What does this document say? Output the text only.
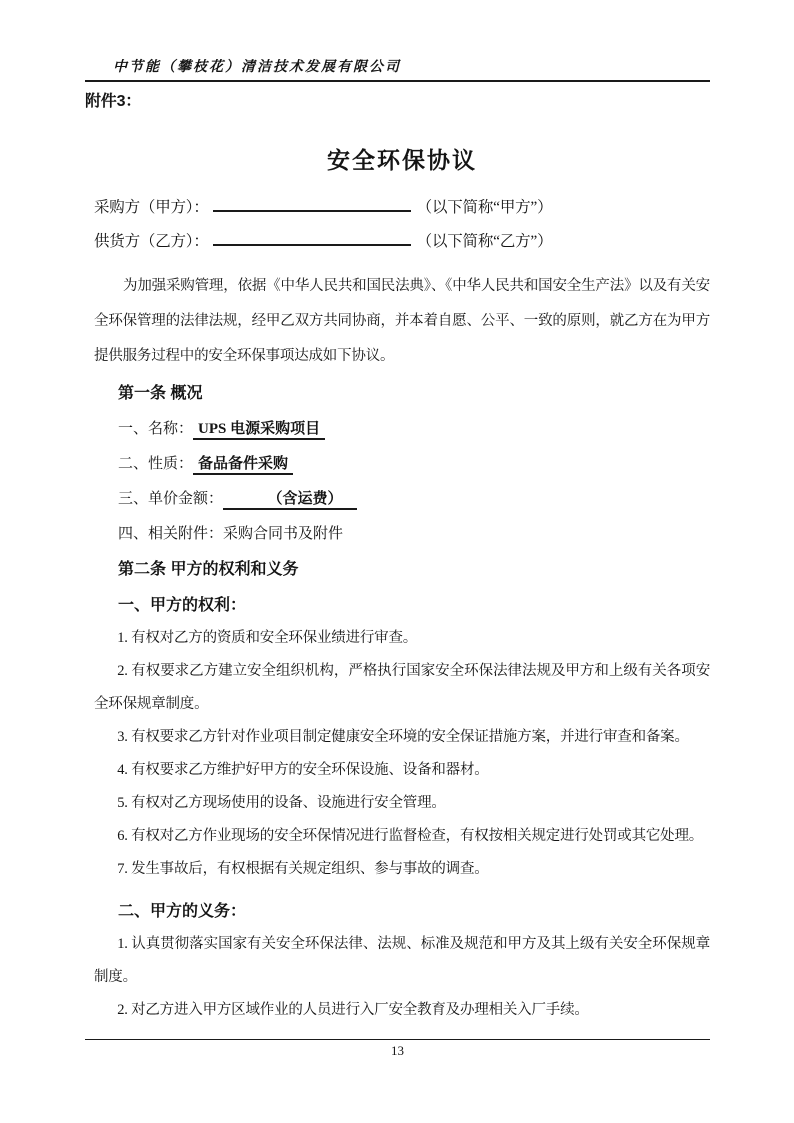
中节能（攀枝花）清洁技术发展有限公司

附件3：

安全环保协议

采购方（甲方）：	（以下简称“甲方”）

供货方（乙方）：	（以下简称“乙方”）

为加强采购管理，依据《中华人民共和国民法典》、《中华人民共和国安全生产法》以及有关安全环保管理的法律法规，经甲乙双方共同协商，并本着自愿、公平、一致的原则，就乙方在为甲方提供服务过程中的安全环保事项达成如下协议。

第一条 概况

一、名称： UPS 电源采购项目

二、性质： 备品备件采购

三、单价金额：	（含运费）

四、相关附件：采购合同书及附件

第二条 甲方的权利和义务
一、甲方的权利：

1. 有权对乙方的资质和安全环保业绩进行审查。

2. 有权要求乙方建立安全组织机构，严格执行国家安全环保法律法规及甲方和上级有关各项安全环保规章制度。

3. 有权要求乙方针对作业项目制定健康安全环境的安全保证措施方案，并进行审查和备案。

4. 有权要求乙方维护好甲方的安全环保设施、设备和器材。

5. 有权对乙方现场使用的设备、设施进行安全管理。

6. 有权对乙方作业现场的安全环保情况进行监督检查，有权按相关规定进行处罚或其它处理。

7. 发生事故后，有权根据有关规定组织、参与事故的调查。

二、甲方的义务：

1. 认真贯彻落实国家有关安全环保法律、法规、标准及规范和甲方及其上级有关安全环保规章制度。

2. 对乙方进入甲方区域作业的人员进行入厂安全教育及办理相关入厂手续。

13
